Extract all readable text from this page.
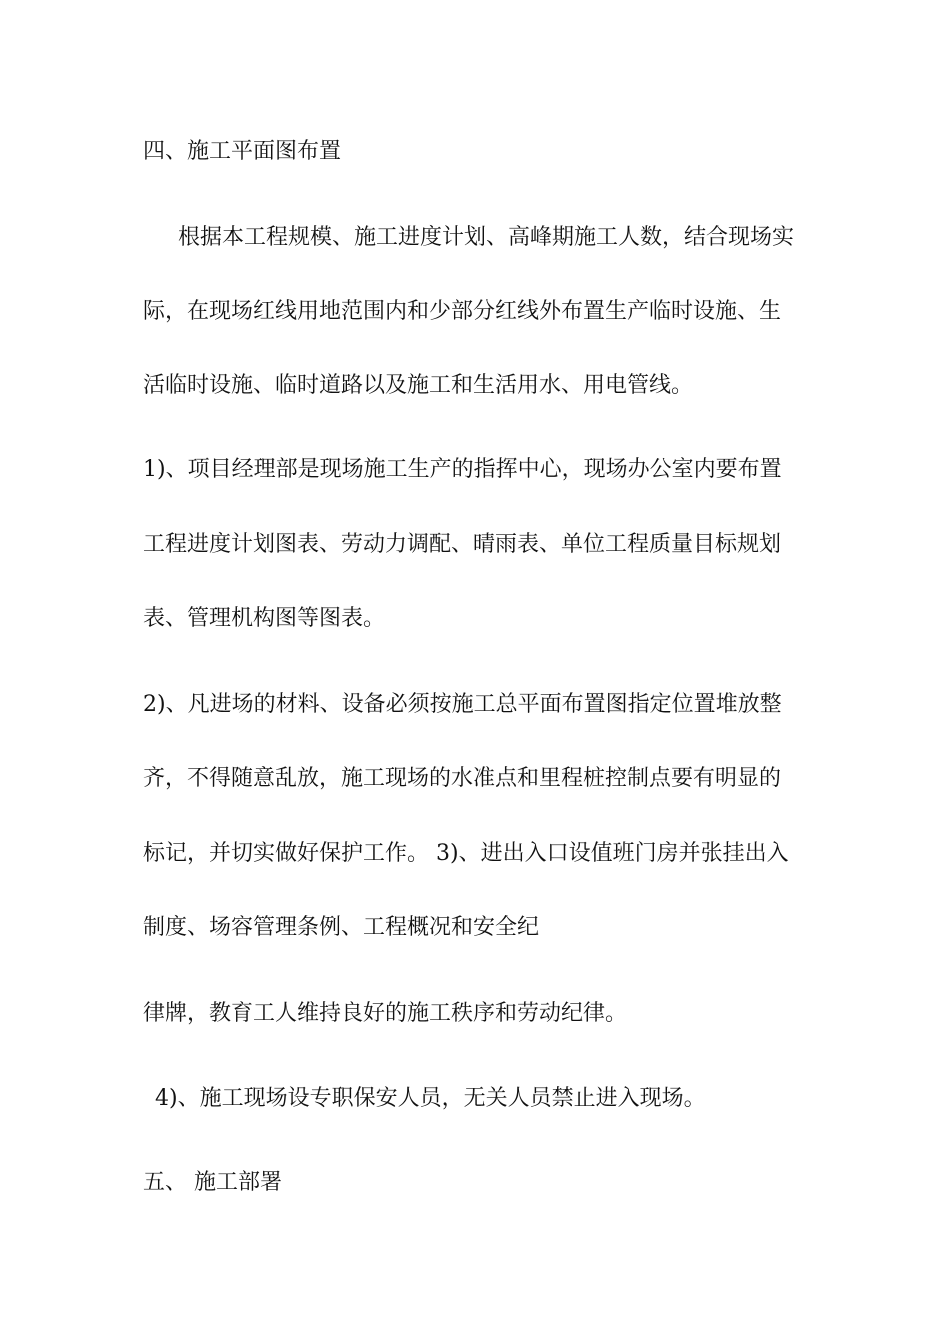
四、施工平面图布置

根据本工程规模、施工进度计划、高峰期施工人数，结合现场实

际，在现场红线用地范围内和少部分红线外布置生产临时设施、生

活临时设施、临时道路以及施工和生活用水、用电管线。

1)、项目经理部是现场施工生产的指挥中心，现场办公室内要布置

工程进度计划图表、劳动力调配、晴雨表、单位工程质量目标规划

表、管理机构图等图表。

2)、凡进场的材料、设备必须按施工总平面布置图指定位置堆放整

齐，不得随意乱放，施工现场的水准点和里程桩控制点要有明显的

标记，并切实做好保护工作。 3)、进出入口设值班门房并张挂出入

制度、场容管理条例、工程概况和安全纪

律牌，教育工人维持良好的施工秩序和劳动纪律。

4)、施工现场设专职保安人员，无关人员禁止进入现场。

五、 施工部署
